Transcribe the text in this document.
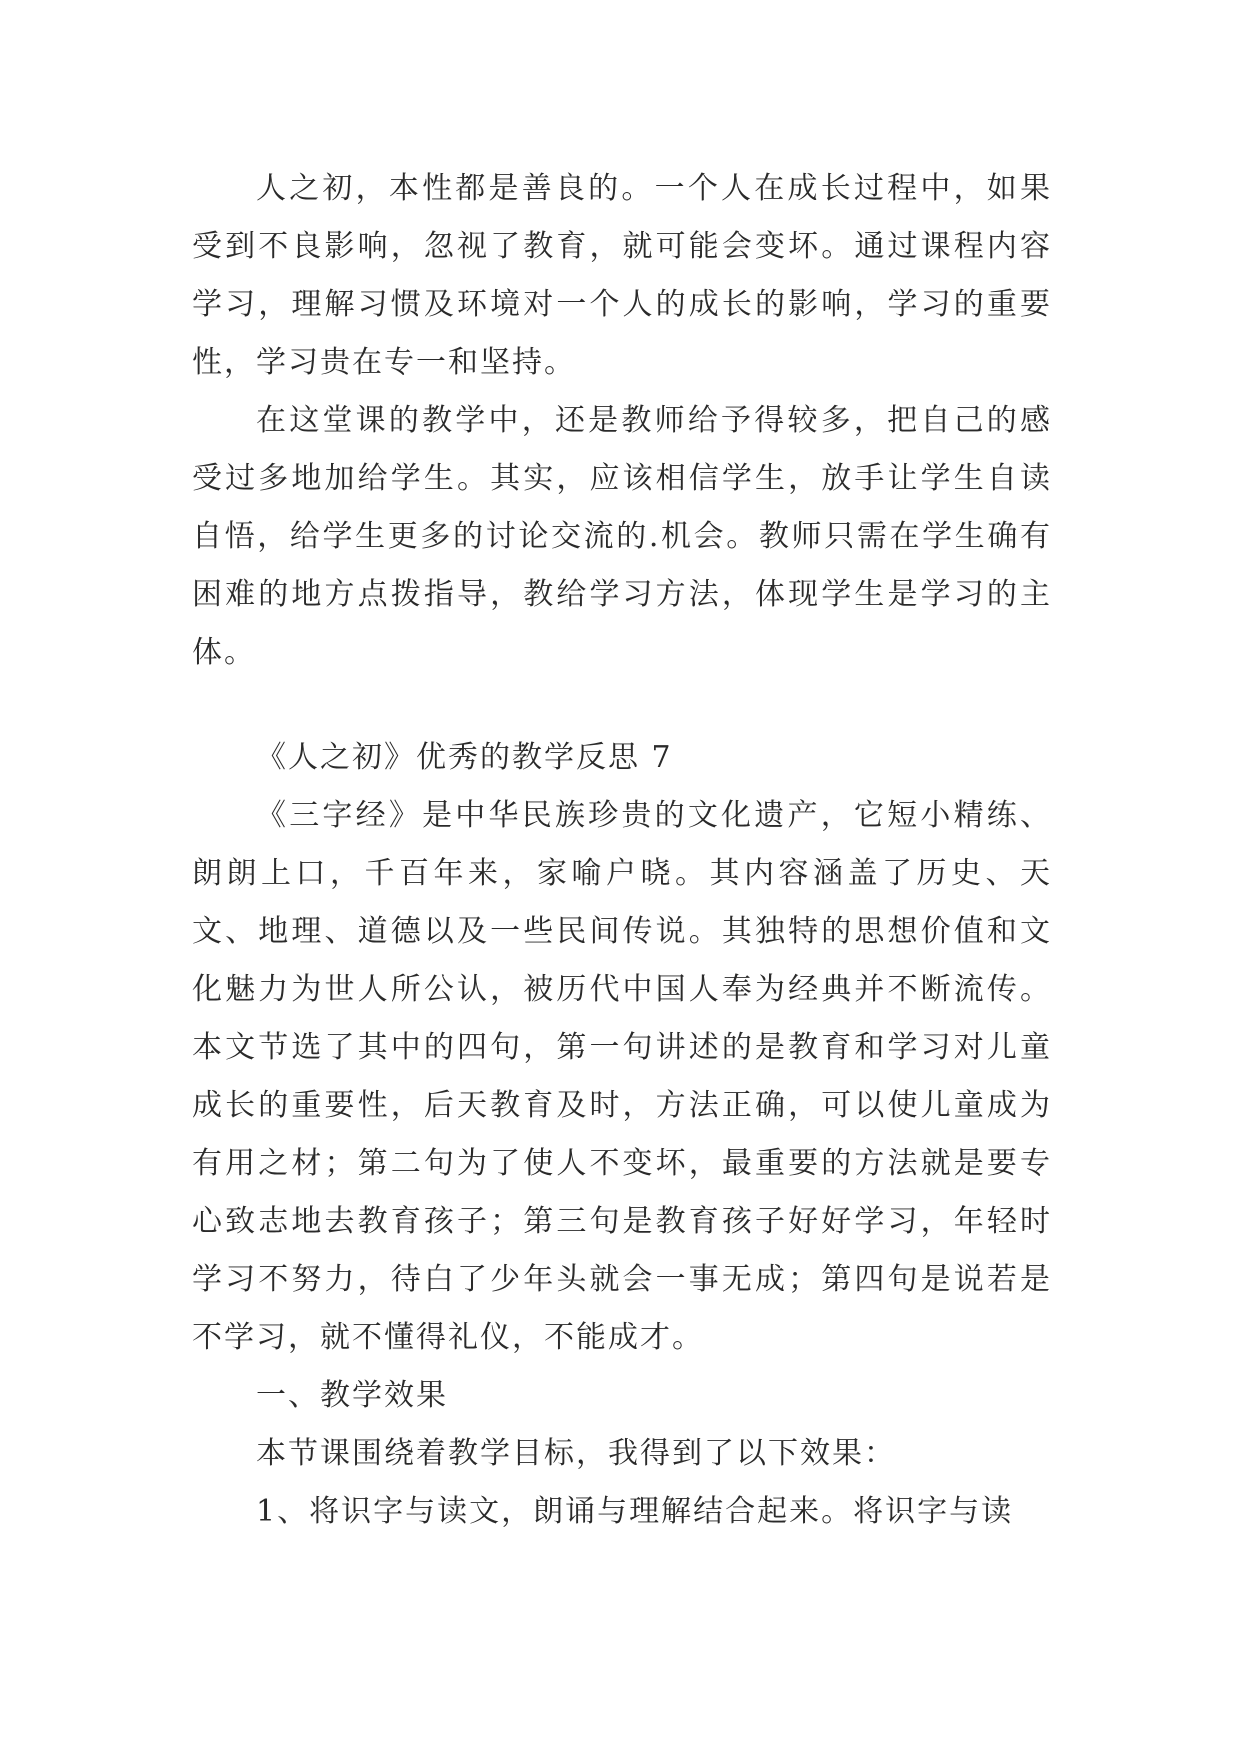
人之初，本性都是善良的。一个人在成长过程中，如果受到不良影响，忽视了教育，就可能会变坏。通过课程内容学习，理解习惯及环境对一个人的成长的影响，学习的重要性，学习贵在专一和坚持。

在这堂课的教学中，还是教师给予得较多，把自己的感受过多地加给学生。其实，应该相信学生，放手让学生自读自悟，给学生更多的讨论交流的.机会。教师只需在学生确有困难的地方点拨指导，教给学习方法，体现学生是学习的主体。

《人之初》优秀的教学反思 7

《三字经》是中华民族珍贵的文化遗产，它短小精练、朗朗上口，千百年来，家喻户晓。其内容涵盖了历史、天文、地理、道德以及一些民间传说。其独特的思想价值和文化魅力为世人所公认，被历代中国人奉为经典并不断流传。本文节选了其中的四句，第一句讲述的是教育和学习对儿童成长的重要性，后天教育及时，方法正确，可以使儿童成为有用之材；第二句为了使人不变坏，最重要的方法就是要专心致志地去教育孩子；第三句是教育孩子好好学习，年轻时学习不努力，待白了少年头就会一事无成；第四句是说若是不学习，就不懂得礼仪，不能成才。

一、教学效果

本节课围绕着教学目标，我得到了以下效果：

1、将识字与读文，朗诵与理解结合起来。将识字与读
